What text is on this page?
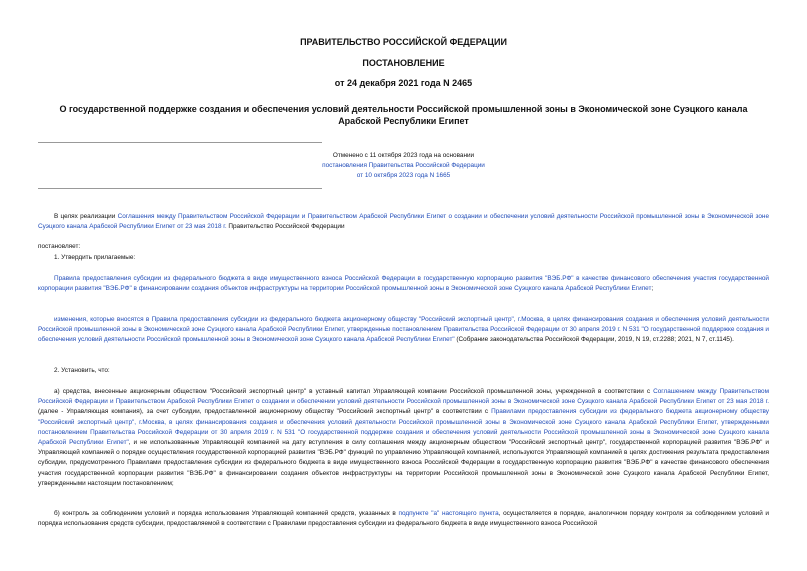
ПРАВИТЕЛЬСТВО РОССИЙСКОЙ ФЕДЕРАЦИИ
ПОСТАНОВЛЕНИЕ
от 24 декабря 2021 года N 2465
О государственной поддержке создания и обеспечения условий деятельности Российской промышленной зоны в Экономической зоне Суэцкого канала Арабской Республики Египет
Отменено с 11 октября 2023 года на основании
постановления Правительства Российской Федерации
от 10 октября 2023 года N 1665
В целях реализации Соглашения между Правительством Российской Федерации и Правительством Арабской Республики Египет о создании и обеспечении условий деятельности Российской промышленной зоны в Экономической зоне Суэцкого канала Арабской Республики Египет от 23 мая 2018 г. Правительство Российской Федерации
постановляет:
1. Утвердить прилагаемые:
Правила предоставления субсидии из федерального бюджета в виде имущественного взноса Российской Федерации в государственную корпорацию развития "ВЭБ.РФ" в качестве финансового обеспечения участия государственной корпорации развития "ВЭБ.РФ" в финансировании создания объектов инфраструктуры на территории Российской промышленной зоны в Экономической зоне Суэцкого канала Арабской Республики Египет;
изменения, которые вносятся в Правила предоставления субсидии из федерального бюджета акционерному обществу "Российский экспортный центр", г.Москва, в целях финансирования создания и обеспечения условий деятельности Российской промышленной зоны в Экономической зоне Суэцкого канала Арабской Республики Египет, утвержденные постановлением Правительства Российской Федерации от 30 апреля 2019 г. N 531 "О государственной поддержке создания и обеспечения условий деятельности Российской промышленной зоны в Экономической зоне Суэцкого канала Арабской Республики Египет" (Собрание законодательства Российской Федерации, 2019, N 19, ст.2288; 2021, N 7, ст.1145).
2. Установить, что:
а) средства, внесенные акционерным обществом "Российский экспортный центр" в уставный капитал Управляющей компании Российской промышленной зоны, учрежденной в соответствии с Соглашением между Правительством Российской Федерации и Правительством Арабской Республики Египет о создании и обеспечении условий деятельности Российской промышленной зоны в Экономической зоне Суэцкого канала Арабской Республики Египет от 23 мая 2018 г. (далее - Управляющая компания), за счет субсидии, предоставленной акционерному обществу "Российский экспортный центр" в соответствии с Правилами предоставления субсидии из федерального бюджета акционерному обществу "Российский экспортный центр", г.Москва, в целях финансирования создания и обеспечения условий деятельности Российской промышленной зоны в Экономической зоне Суэцкого канала Арабской Республики Египет, утвержденными постановлением Правительства Российской Федерации от 30 апреля 2019 г. N 531 "О государственной поддержке создания и обеспечения условий деятельности Российской промышленной зоны в Экономической зоне Суэцкого канала Арабской Республики Египет", и не использованные Управляющей компанией на дату вступления в силу соглашения между акционерным обществом "Российский экспортный центр", государственной корпорацией развития "ВЭБ.РФ" и Управляющей компанией о порядке осуществления государственной корпорацией развития "ВЭБ.РФ" функций по управлению Управляющей компанией, используются Управляющей компанией в целях достижения результата предоставления субсидии, предусмотренного Правилами предоставления субсидии из федерального бюджета в виде имущественного взноса Российской Федерации в государственную корпорацию развития "ВЭБ.РФ" в качестве финансового обеспечения участия государственной корпорации развития "ВЭБ.РФ" в финансировании создания объектов инфраструктуры на территории Российской промышленной зоны в Экономической зоне Суэцкого канала Арабской Республики Египет, утвержденными настоящим постановлением;
б) контроль за соблюдением условий и порядка использования Управляющей компанией средств, указанных в подпункте "а" настоящего пункта, осуществляется в порядке, аналогичном порядку контроля за соблюдением условий и порядка использования средств субсидии, предоставляемой в соответствии с Правилами предоставления субсидии из федерального бюджета в виде имущественного взноса Российской
